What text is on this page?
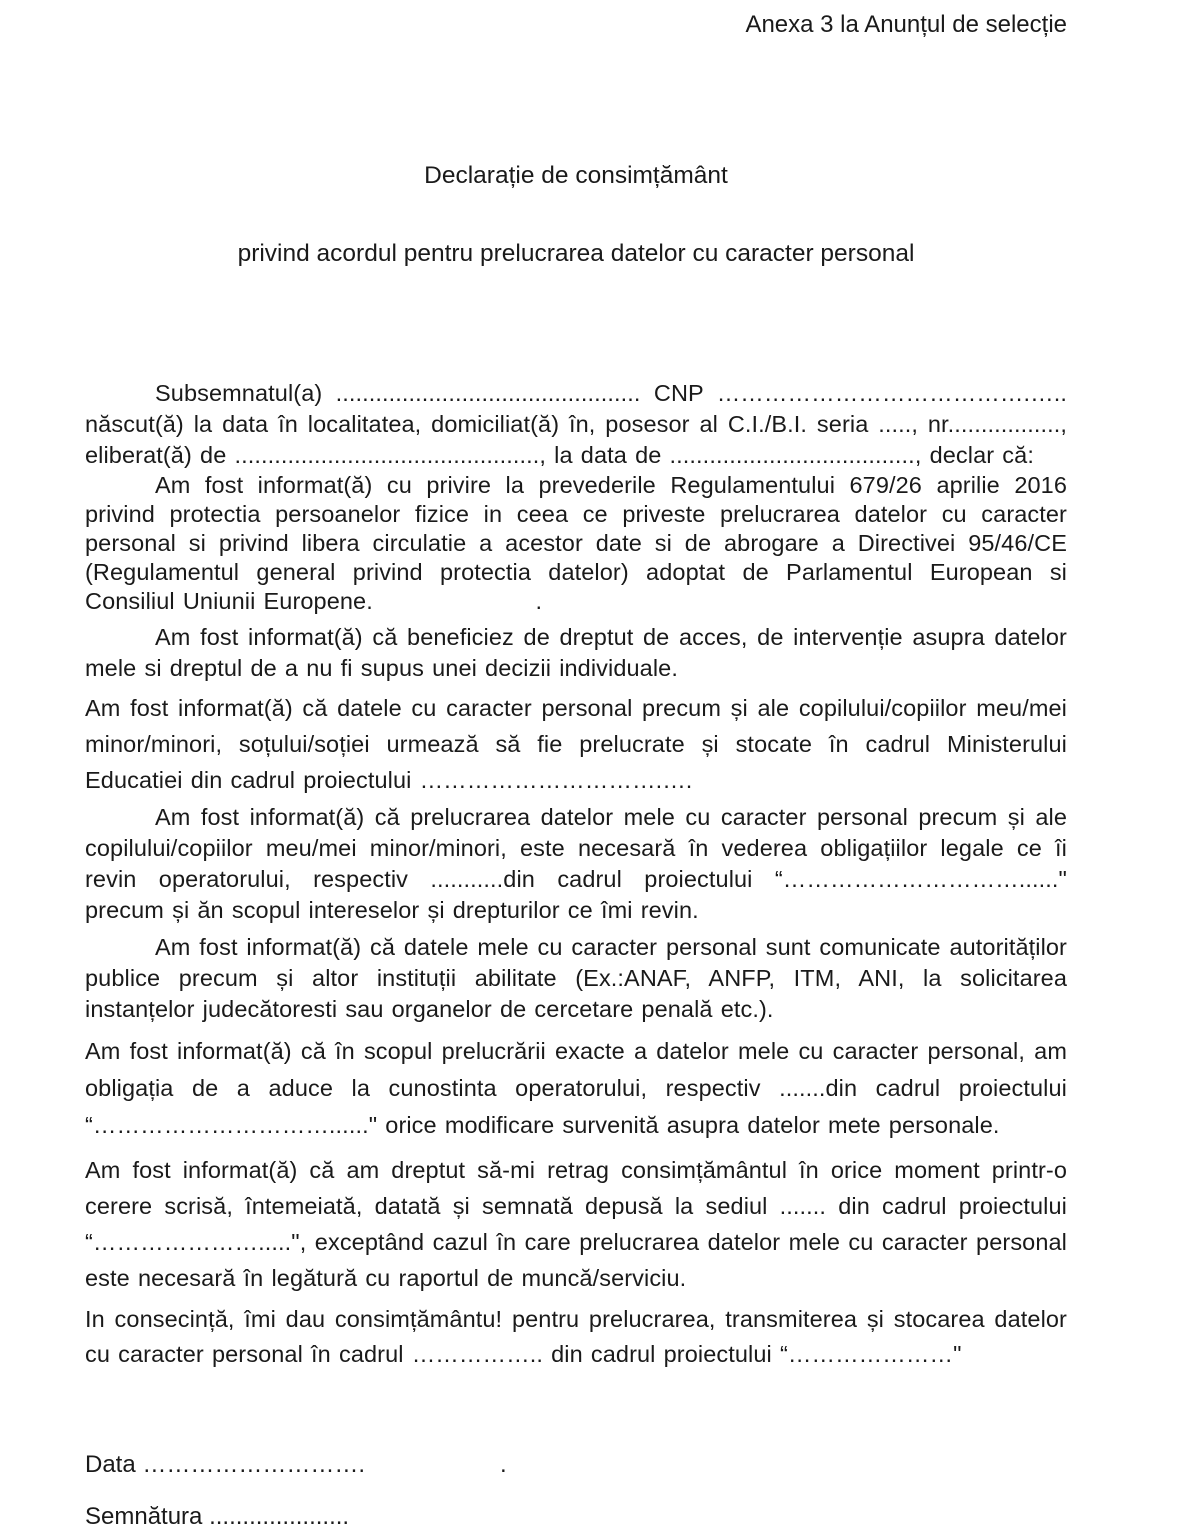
Anexa 3 la Anunțul de selecție
Declarație de consimțământ
privind acordul pentru prelucrarea datelor cu caracter personal

Subsemnatul(a) .............................................. CNP ………………………………….….. născut(ă) la data în localitatea, domiciliat(ă) în, posesor al C.I./B.I. seria ....., nr................., eliberat(ă) de .............................................., la data de ....................................., declar că:

Am fost informat(ă) cu privire la prevederile Regulamentului 679/26 aprilie 2016 privind protectia persoanelor fizice in ceea ce priveste prelucrarea datelor cu caracter personal si privind libera circulatie a acestor date si de abrogare a Directivei 95/46/CE (Regulamentul general privind protectia datelor) adoptat de Parlamentul European si Consiliul Uniunii Europene.                    .

Am fost informat(ă) că beneficiez de dreptut de acces, de intervenție asupra datelor mele si dreptul de a nu fi supus unei decizii individuale.

Am fost informat(ă) că datele cu caracter personal precum și ale copilului/copiilor meu/mei minor/minori, soțului/soției urmează să fie prelucrate și stocate în cadrul Ministerului Educatiei din cadrul proiectului ………………………….….

Am fost informat(ă) că prelucrarea datelor mele cu caracter personal precum și ale copilului/copiilor meu/mei minor/minori, este necesară în vederea obligațiilor legale ce îi revin operatorului, respectiv ...........din cadrul proiectului “…………………………......" precum și ăn scopul intereselor și drepturilor ce îmi revin.

Am fost informat(ă) că datele mele cu caracter personal sunt comunicate autorităților publice precum și altor instituții abilitate (Ex.:ANAF, ANFP, ITM, ANI, la solicitarea instanțelor judecătoresti sau organelor de cercetare penală etc.).

Am fost informat(ă) că în scopul prelucrării exacte a datelor mele cu caracter personal, am obligația de a aduce la cunostinta operatorului, respectiv .......din cadrul proiectului “…………………………......" orice modificare survenită asupra datelor mete personale.

Am fost informat(ă) că am dreptut să-mi retrag consimțământul în orice moment printr-o cerere scrisă, întemeiată, datată și semnată depusă la sediul ....... din cadrul proiectului “………………….....", exceptând cazul în care prelucrarea datelor mele cu caracter personal este necesară în legătură cu raportul de muncă/serviciu.

In consecință, îmi dau consimțământu! pentru prelucrarea, transmiterea și stocarea datelor cu caracter personal în cadrul …………….. din cadrul proiectului “…………………"

Data ……………………….	.
Semnătura .....................
